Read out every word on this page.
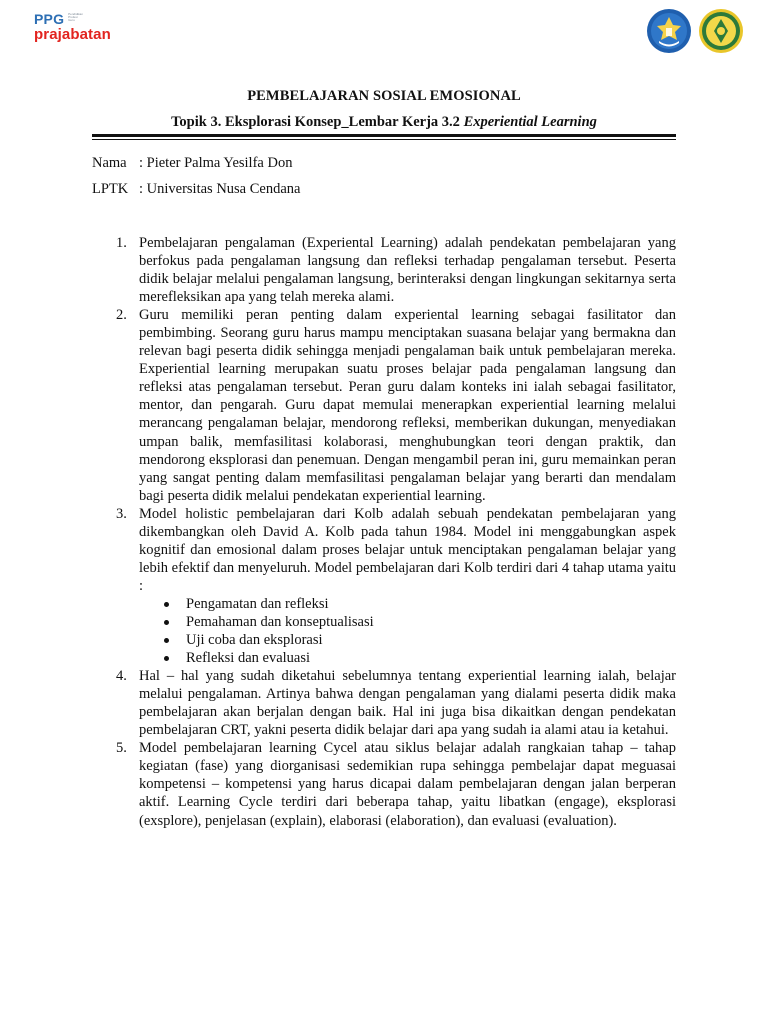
PPG Pendidikan
Profesi
Guru
prajabatan
PEMBELAJARAN SOSIAL EMOSIONAL
Topik 3. Eksplorasi Konsep_Lembar Kerja 3.2 Experiential Learning
Nama : Pieter Palma Yesilfa Don
LPTK : Universitas Nusa Cendana
1. Pembelajaran pengalaman (Experiental Learning) adalah pendekatan pembelajaran yang berfokus pada pengalaman langsung dan refleksi terhadap pengalaman tersebut. Peserta didik belajar melalui pengalaman langsung, berinteraksi dengan lingkungan sekitarnya serta merefleksikan apa yang telah mereka alami.
2. Guru memiliki peran penting dalam experiental learning sebagai fasilitator dan pembimbing. Seorang guru harus mampu menciptakan suasana belajar yang bermakna dan relevan bagi peserta didik sehingga menjadi pengalaman baik untuk pembelajaran mereka. Experiential learning merupakan suatu proses belajar pada pengalaman langsung dan refleksi atas pengalaman tersebut. Peran guru dalam konteks ini ialah sebagai fasilitator, mentor, dan pengarah. Guru dapat memulai menerapkan experiential learning melalui merancang pengalaman belajar, mendorong refleksi, memberikan dukungan, menyediakan umpan balik, memfasilitasi kolaborasi, menghubungkan teori dengan praktik, dan mendorong eksplorasi dan penemuan. Dengan mengambil peran ini, guru memainkan peran yang sangat penting dalam memfasilitasi pengalaman belajar yang berarti dan mendalam bagi peserta didik melalui pendekatan experiential learning.
3. Model holistic pembelajaran dari Kolb adalah sebuah pendekatan pembelajaran yang dikembangkan oleh David A. Kolb pada tahun 1984. Model ini menggabungkan aspek kognitif dan emosional dalam proses belajar untuk menciptakan pengalaman belajar yang lebih efektif dan menyeluruh. Model pembelajaran dari Kolb terdiri dari 4 tahap utama yaitu :
Pengamatan dan refleksi
Pemahaman dan konseptualisasi
Uji coba dan eksplorasi
Refleksi dan evaluasi
4. Hal – hal yang sudah diketahui sebelumnya tentang experiential learning ialah, belajar melalui pengalaman. Artinya bahwa dengan pengalaman yang dialami peserta didik maka pembelajaran akan berjalan dengan baik. Hal ini juga bisa dikaitkan dengan pendekatan pembelajaran CRT, yakni peserta didik belajar dari apa yang sudah ia alami atau ia ketahui.
5. Model pembelajaran learning Cycel atau siklus belajar adalah rangkaian tahap – tahap kegiatan (fase) yang diorganisasi sedemikian rupa sehingga pembelajar dapat meguasai kompetensi – kompetensi yang harus dicapai dalam pembelajaran dengan jalan berperan aktif. Learning Cycle terdiri dari beberapa tahap, yaitu libatkan (engage), eksplorasi (exsplore), penjelasan (explain), elaborasi (elaboration), dan evaluasi (evaluation).
